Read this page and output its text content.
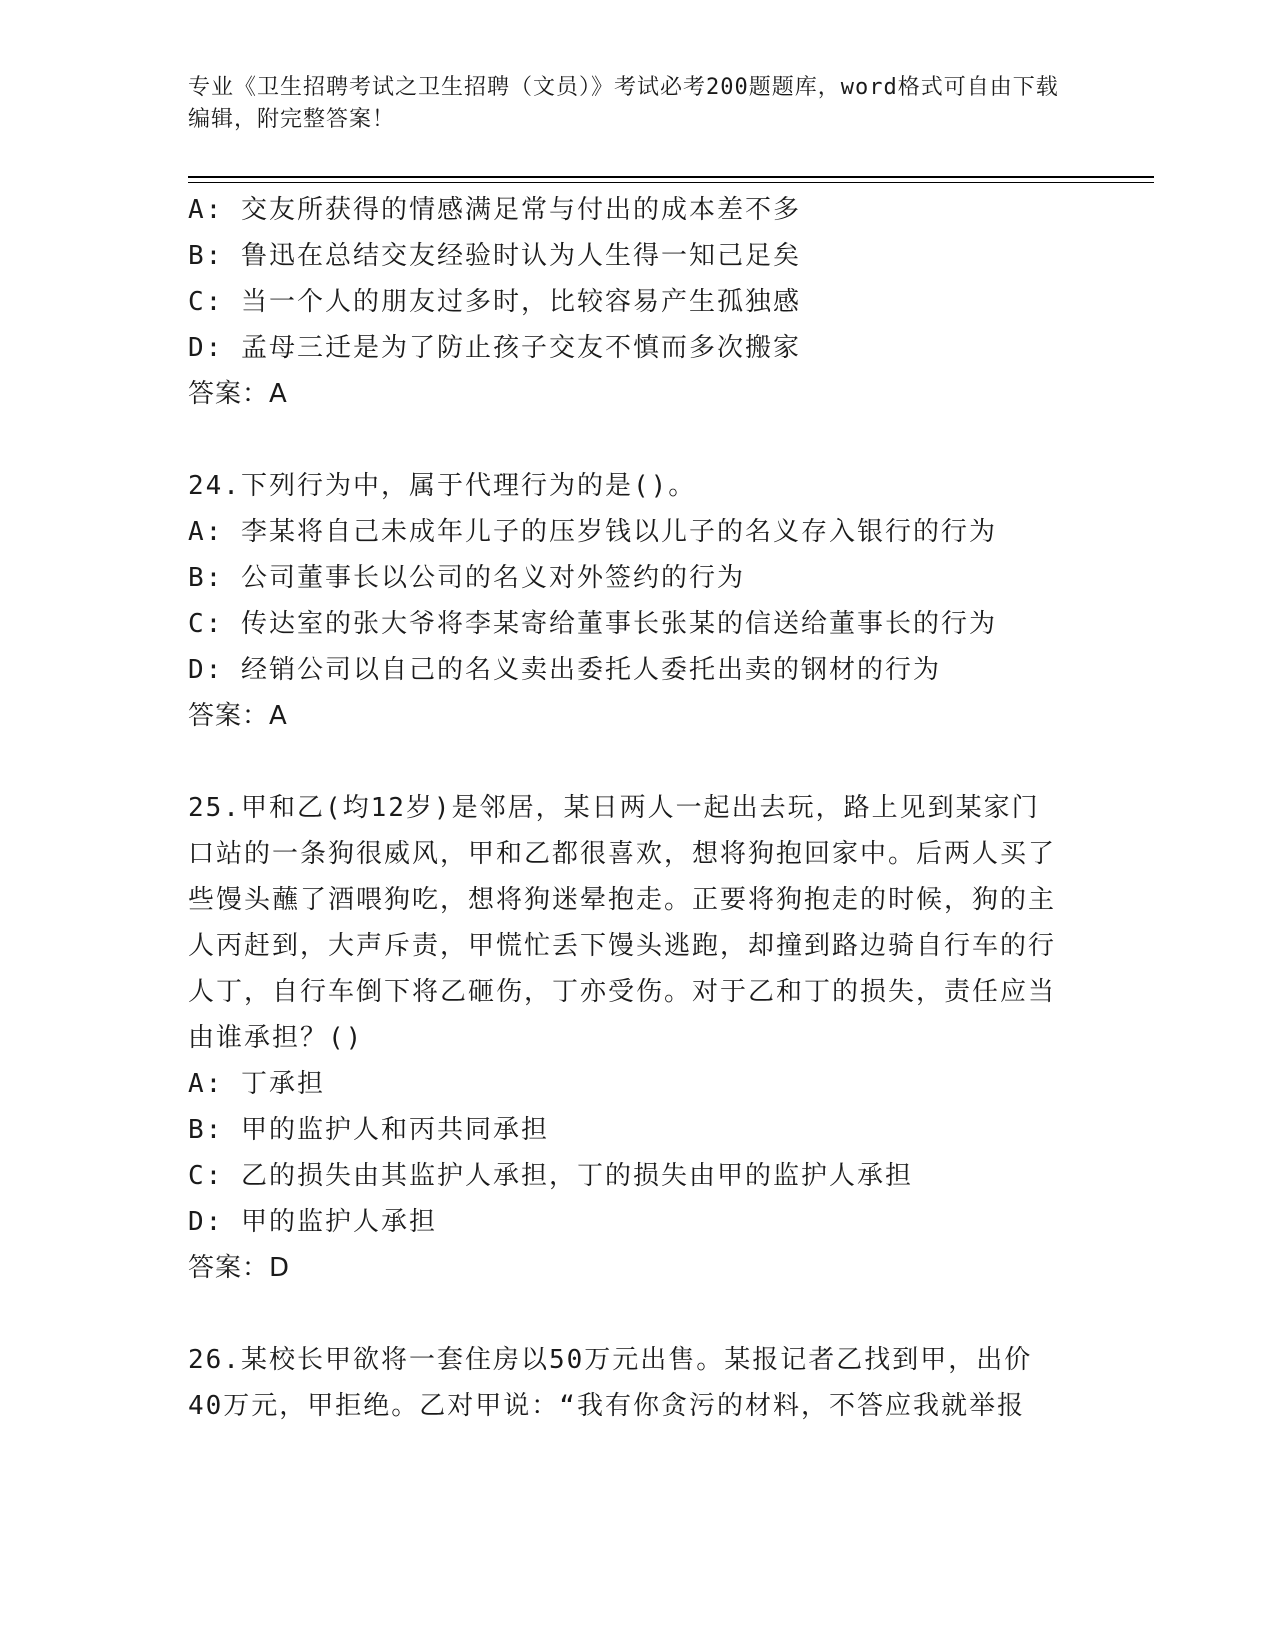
专业《卫生招聘考试之卫生招聘（文员）》考试必考200题题库，word格式可自由下载编辑，附完整答案！
A: 交友所获得的情感满足常与付出的成本差不多
B: 鲁迅在总结交友经验时认为人生得一知己足矣
C: 当一个人的朋友过多时，比较容易产生孤独感
D: 孟母三迁是为了防止孩子交友不慎而多次搬家
答案：A
24.下列行为中，属于代理行为的是()。
A: 李某将自己未成年儿子的压岁钱以儿子的名义存入银行的行为
B: 公司董事长以公司的名义对外签约的行为
C: 传达室的张大爷将李某寄给董事长张某的信送给董事长的行为
D: 经销公司以自己的名义卖出委托人委托出卖的钢材的行为
答案：A
25.甲和乙(均12岁)是邻居，某日两人一起出去玩，路上见到某家门口站的一条狗很威风，甲和乙都很喜欢，想将狗抱回家中。后两人买了些馒头蘸了酒喂狗吃，想将狗迷晕抱走。正要将狗抱走的时候，狗的主人丙赶到，大声斥责，甲慌忙丢下馒头逃跑，却撞到路边骑自行车的行人丁，自行车倒下将乙砸伤，丁亦受伤。对于乙和丁的损失，责任应当由谁承担？()
A: 丁承担
B: 甲的监护人和丙共同承担
C: 乙的损失由其监护人承担，丁的损失由甲的监护人承担
D: 甲的监护人承担
答案：D
26.某校长甲欲将一套住房以50万元出售。某报记者乙找到甲，出价40万元，甲拒绝。乙对甲说：“我有你贪污的材料，不答应我就举报
